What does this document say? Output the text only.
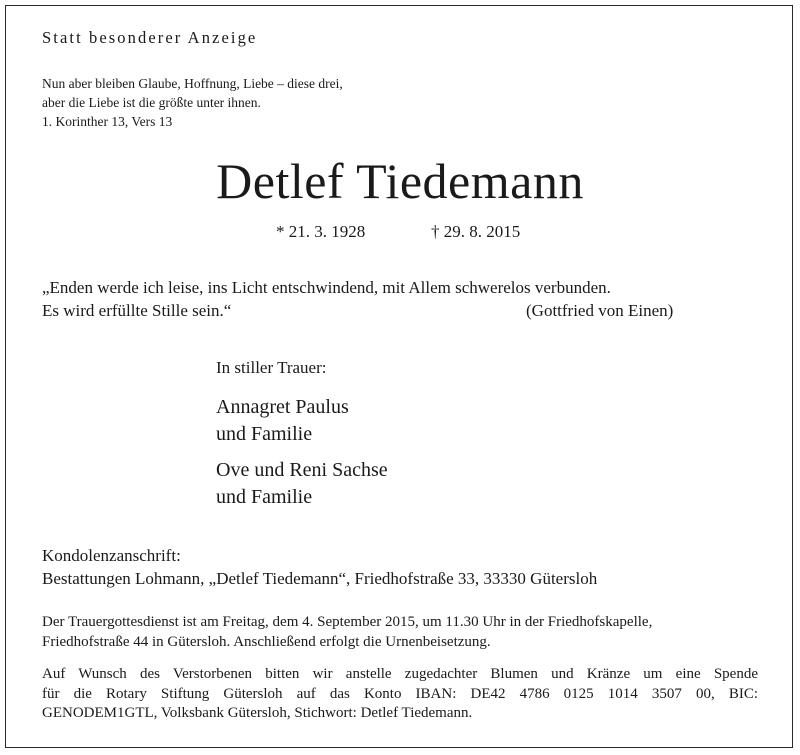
Statt besonderer Anzeige
Nun aber bleiben Glaube, Hoffnung, Liebe – diese drei,
aber die Liebe ist die größte unter ihnen.
1. Korinther 13, Vers 13
Detlef Tiedemann
* 21. 3. 1928	† 29. 8. 2015
„Enden werde ich leise, ins Licht entschwindend, mit Allem schwerelos verbunden.
Es wird erfüllte Stille sein.“	(Gottfried von Einen)
In stiller Trauer:
Annagret Paulus
und Familie
Ove und Reni Sachse
und Familie
Kondolenzanschrift:
Bestattungen Lohmann, „Detlef Tiedemann“, Friedhofstraße 33, 33330 Gütersloh
Der Trauergottesdienst ist am Freitag, dem 4. September 2015, um 11.30 Uhr in der Friedhofskapelle,
Friedhofstraße 44 in Gütersloh. Anschließend erfolgt die Urnenbeisetzung.
Auf Wunsch des Verstorbenen bitten wir anstelle zugedachter Blumen und Kränze um eine Spende
für die Rotary Stiftung Gütersloh auf das Konto IBAN: DE42 4786 0125 1014 3507 00, BIC:
GENODEM1GTL, Volksbank Gütersloh, Stichwort: Detlef Tiedemann.
